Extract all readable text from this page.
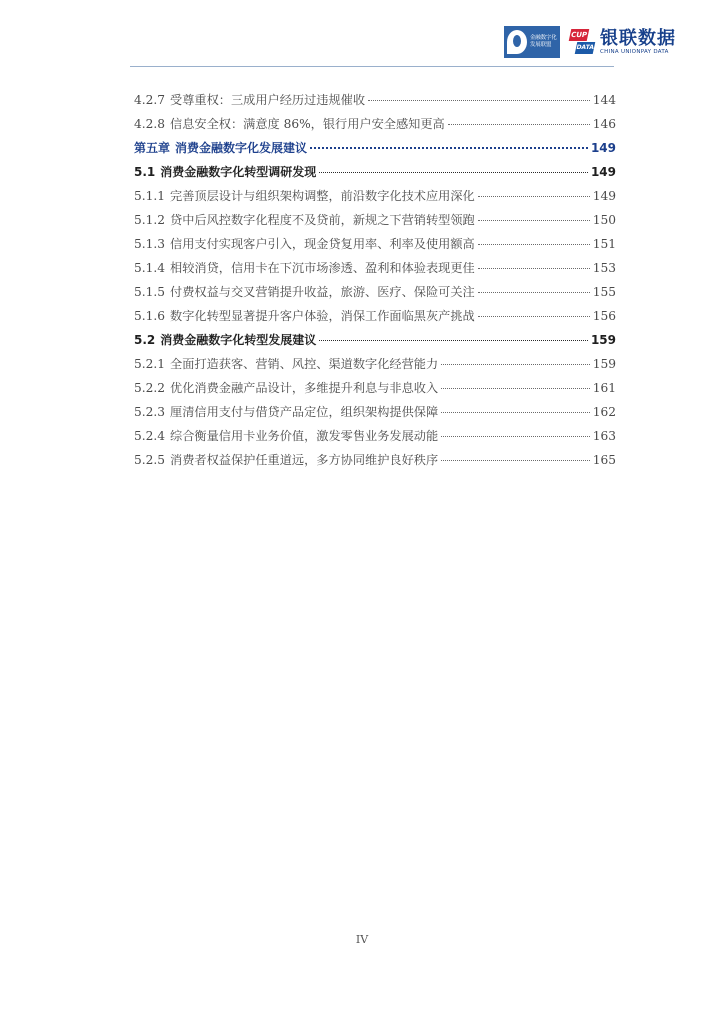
金融数字化
发展联盟
CUP
DATA 银联数据
CHINA UNIONPAY DATA
4.2.7 受尊重权：三成用户经历过违规催收	144
4.2.8 信息安全权：满意度 86%，银行用户安全感知更高	146
第五章 消费金融数字化发展建议	149
5.1 消费金融数字化转型调研发现	149
5.1.1 完善顶层设计与组织架构调整，前沿数字化技术应用深化	149
5.1.2 贷中后风控数字化程度不及贷前，新规之下营销转型领跑	150
5.1.3 信用支付实现客户引入，现金贷复用率、利率及使用额高	151
5.1.4 相较消贷，信用卡在下沉市场渗透、盈利和体验表现更佳	153
5.1.5 付费权益与交叉营销提升收益，旅游、医疗、保险可关注	155
5.1.6 数字化转型显著提升客户体验，消保工作面临黑灰产挑战	156
5.2 消费金融数字化转型发展建议	159
5.2.1 全面打造获客、营销、风控、渠道数字化经营能力	159
5.2.2 优化消费金融产品设计，多维提升利息与非息收入	161
5.2.3 厘清信用支付与借贷产品定位，组织架构提供保障	162
5.2.4 综合衡量信用卡业务价值，激发零售业务发展动能	163
5.2.5 消费者权益保护任重道远，多方协同维护良好秩序	165
IV
